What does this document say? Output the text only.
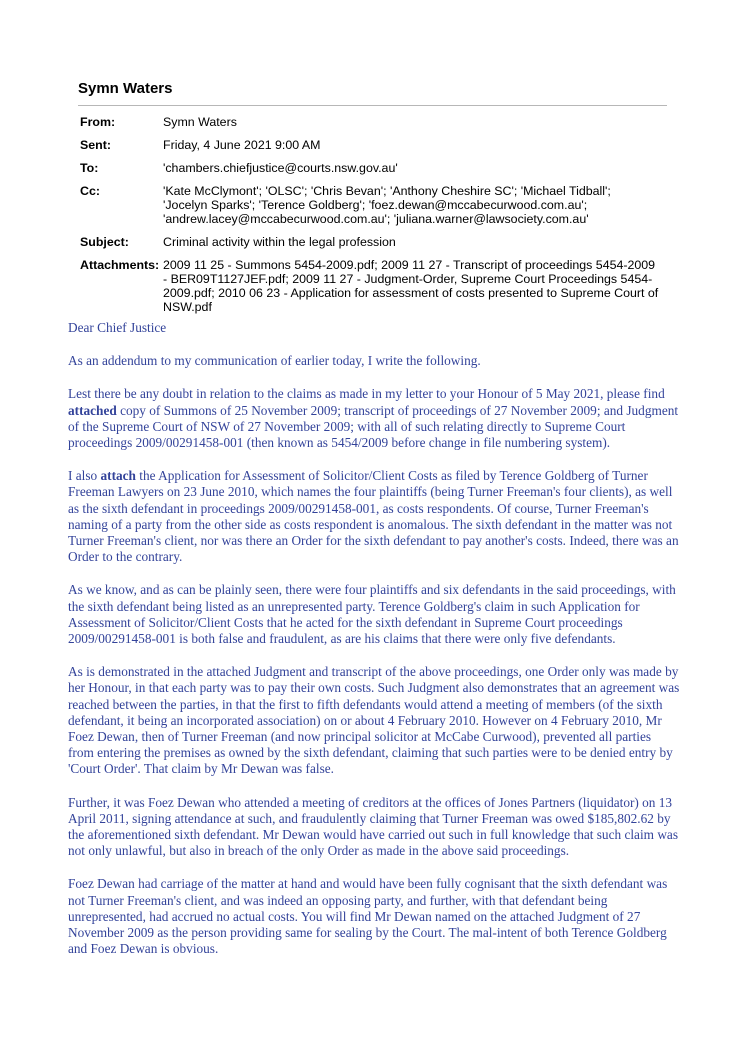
Symn Waters
From:	Symn Waters
Sent:	Friday, 4 June 2021 9:00 AM
To:	'chambers.chiefjustice@courts.nsw.gov.au'
Cc:	'Kate McClymont'; 'OLSC'; 'Chris Bevan'; 'Anthony Cheshire SC'; 'Michael Tidball';
'Jocelyn Sparks'; 'Terence Goldberg'; 'foez.dewan@mccabecurwood.com.au';
'andrew.lacey@mccabecurwood.com.au'; 'juliana.warner@lawsociety.com.au'
Subject:	Criminal activity within the legal profession
Attachments: 2009 11 25 - Summons 5454-2009.pdf; 2009 11 27 - Transcript of proceedings 5454-2009
- BER09T1127JEF.pdf; 2009 11 27 - Judgment-Order, Supreme Court Proceedings 5454-
2009.pdf; 2010 06 23 - Application for assessment of costs presented to Supreme Court of
NSW.pdf

Dear Chief Justice

As an addendum to my communication of earlier today, I write the following.

Lest there be any doubt in relation to the claims as made in my letter to your Honour of 5 May 2021, please find attached copy of Summons of 25 November 2009; transcript of proceedings of 27 November 2009; and Judgment of the Supreme Court of NSW of 27 November 2009; with all of such relating directly to Supreme Court proceedings 2009/00291458-001 (then known as 5454/2009 before change in file numbering system).

I also attach the Application for Assessment of Solicitor/Client Costs as filed by Terence Goldberg of Turner Freeman Lawyers on 23 June 2010, which names the four plaintiffs (being Turner Freeman's four clients), as well as the sixth defendant in proceedings 2009/00291458-001, as costs respondents. Of course, Turner Freeman's naming of a party from the other side as costs respondent is anomalous. The sixth defendant in the matter was not Turner Freeman's client, nor was there an Order for the sixth defendant to pay another's costs. Indeed, there was an Order to the contrary.

As we know, and as can be plainly seen, there were four plaintiffs and six defendants in the said proceedings, with the sixth defendant being listed as an unrepresented party. Terence Goldberg's claim in such Application for Assessment of Solicitor/Client Costs that he acted for the sixth defendant in Supreme Court proceedings 2009/00291458-001 is both false and fraudulent, as are his claims that there were only five defendants.

As is demonstrated in the attached Judgment and transcript of the above proceedings, one Order only was made by her Honour, in that each party was to pay their own costs. Such Judgment also demonstrates that an agreement was reached between the parties, in that the first to fifth defendants would attend a meeting of members (of the sixth defendant, it being an incorporated association) on or about 4 February 2010. However on 4 February 2010, Mr Foez Dewan, then of Turner Freeman (and now principal solicitor at McCabe Curwood), prevented all parties from entering the premises as owned by the sixth defendant, claiming that such parties were to be denied entry by 'Court Order'. That claim by Mr Dewan was false.

Further, it was Foez Dewan who attended a meeting of creditors at the offices of Jones Partners (liquidator) on 13 April 2011, signing attendance at such, and fraudulently claiming that Turner Freeman was owed $185,802.62 by the aforementioned sixth defendant. Mr Dewan would have carried out such in full knowledge that such claim was not only unlawful, but also in breach of the only Order as made in the above said proceedings.

Foez Dewan had carriage of the matter at hand and would have been fully cognisant that the sixth defendant was not Turner Freeman's client, and was indeed an opposing party, and further, with that defendant being unrepresented, had accrued no actual costs. You will find Mr Dewan named on the attached Judgment of 27 November 2009 as the person providing same for sealing by the Court. The mal-intent of both Terence Goldberg and Foez Dewan is obvious.
